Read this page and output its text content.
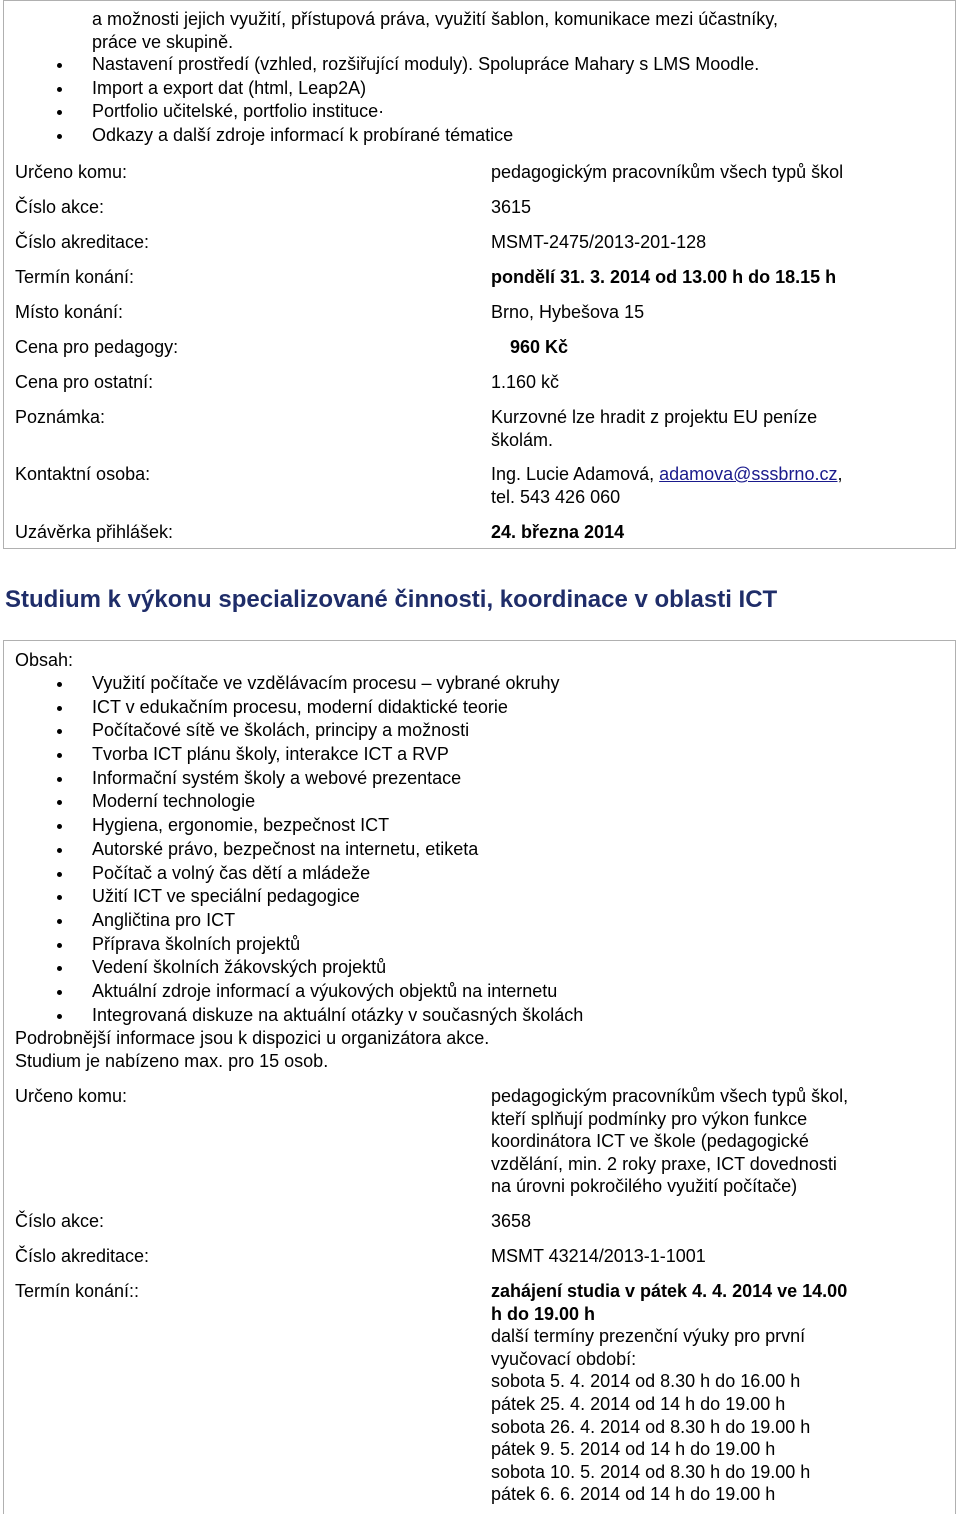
a možnosti jejich využití, přístupová práva, využití šablon, komunikace mezi účastníky,
práce ve skupině.
Nastavení prostředí (vzhled, rozšiřující moduly). Spolupráce Mahary s LMS Moodle.
Import a export dat (html, Leap2A)
Portfolio učitelské, portfolio instituce·
Odkazy a další zdroje informací k probírané tématice
Určeno komu:	pedagogickým pracovníkům všech typů škol
Číslo akce:	3615
Číslo akreditace:	MSMT-2475/2013-201-128
Termín konání:	pondělí 31. 3. 2014 od 13.00 h do 18.15 h
Místo konání:	Brno, Hybešova 15
Cena pro pedagogy:	960 Kč
Cena pro ostatní:	1.160 kč
Poznámka:	Kurzovné lze hradit z projektu EU peníze
školám.
Kontaktní osoba:	Ing. Lucie Adamová, adamova@sssbrno.cz,
tel. 543 426 060
Uzávěrka přihlášek:	24. března 2014
Studium k výkonu specializované činnosti, koordinace v oblasti ICT
Obsah:
Využití počítače ve vzdělávacím procesu – vybrané okruhy
ICT v edukačním procesu, moderní didaktické teorie
Počítačové sítě ve školách, principy a možnosti
Tvorba ICT plánu školy, interakce ICT a RVP
Informační systém školy a webové prezentace
Moderní technologie
Hygiena, ergonomie, bezpečnost ICT
Autorské právo, bezpečnost na internetu, etiketa
Počítač a volný čas dětí a mládeže
Užití ICT ve speciální pedagogice
Angličtina pro ICT
Příprava školních projektů
Vedení školních žákovských projektů
Aktuální zdroje informací a výukových objektů na internetu
Integrovaná diskuze na aktuální otázky v současných školách
Podrobnější informace jsou k dispozici u organizátora akce.
Studium je nabízeno max. pro 15 osob.
Určeno komu:	pedagogickým pracovníkům všech typů škol,
kteří splňují podmínky pro výkon funkce
koordinátora ICT ve škole (pedagogické
vzdělání, min. 2 roky praxe, ICT dovednosti
na úrovni pokročilého využití počítače)
Číslo akce:	3658
Číslo akreditace:	MSMT 43214/2013-1-1001
Termín konání::	zahájení studia v pátek 4. 4. 2014 ve 14.00
h do 19.00 h
další termíny prezenční výuky pro první
vyučovací období:
sobota 5. 4. 2014 od 8.30 h do 16.00 h
pátek 25. 4. 2014 od 14 h do 19.00 h
sobota 26. 4. 2014 od 8.30 h do 19.00 h
pátek 9. 5. 2014 od 14 h do 19.00 h
sobota 10. 5. 2014 od 8.30 h do 19.00 h
pátek 6. 6. 2014 od 14 h do 19.00 h
